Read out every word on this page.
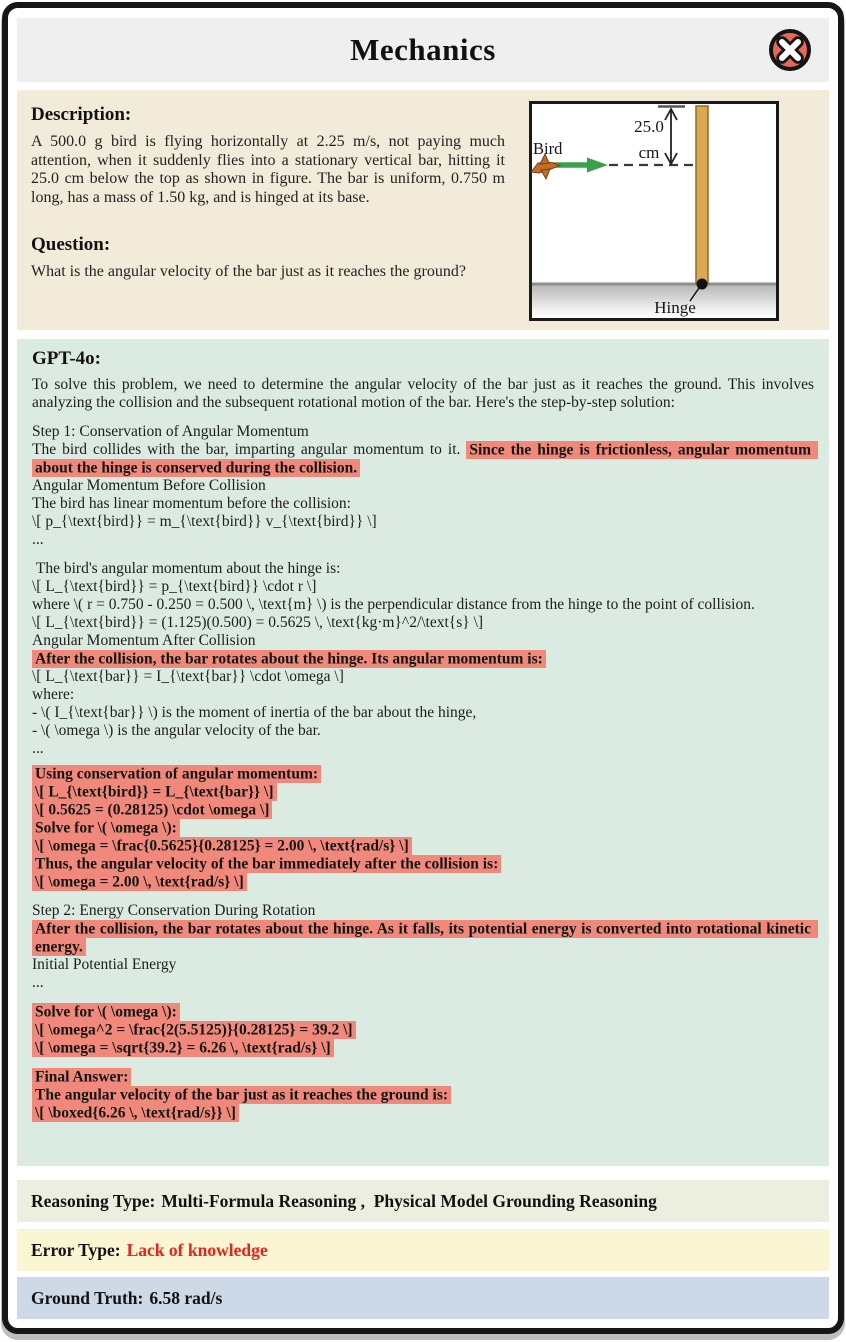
Mechanics
Description:

A 500.0 g bird is flying horizontally at 2.25 m/s, not paying much attention, when it suddenly flies into a stationary vertical bar, hitting it 25.0 cm below the top as shown in figure. The bar is uniform, 0.750 m long, has a mass of 1.50 kg, and is hinged at its base.

Question:

What is the angular velocity of the bar just as it reaches the ground?

25.0
cm
Bird
Hinge
GPT-4o:
To solve this problem, we need to determine the angular velocity of the bar just as it reaches the ground. This involves analyzing the collision and the subsequent rotational motion of the bar. Here's the step-by-step solution:
Step 1: Conservation of Angular Momentum
The bird collides with the bar, imparting angular momentum to it. Since the hinge is frictionless, angular momentum about the hinge is conserved during the collision.
Angular Momentum Before Collision
The bird has linear momentum before the collision:
\[ p_{\text{bird}} = m_{\text{bird}} v_{\text{bird}} \]
...
The bird's angular momentum about the hinge is:
\[ L_{\text{bird}} = p_{\text{bird}} \cdot r \]
where \( r = 0.750 - 0.250 = 0.500 \, \text{m} \) is the perpendicular distance from the hinge to the point of collision.
\[ L_{\text{bird}} = (1.125)(0.500) = 0.5625 \, \text{kg·m}^2/\text{s} \]
Angular Momentum After Collision
After the collision, the bar rotates about the hinge. Its angular momentum is:
\[ L_{\text{bar}} = I_{\text{bar}} \cdot \omega \]
where:
- \( I_{\text{bar}} \) is the moment of inertia of the bar about the hinge,
- \( \omega \) is the angular velocity of the bar.
...
Using conservation of angular momentum:
\[ L_{\text{bird}} = L_{\text{bar}} \]
\[ 0.5625 = (0.28125) \cdot \omega \]
Solve for \( \omega \):
\[ \omega = \frac{0.5625}{0.28125} = 2.00 \, \text{rad/s} \]
Thus, the angular velocity of the bar immediately after the collision is:
\[ \omega = 2.00 \, \text{rad/s} \]
Step 2: Energy Conservation During Rotation
After the collision, the bar rotates about the hinge. As it falls, its potential energy is converted into rotational kinetic energy.
Initial Potential Energy
...
Solve for \( \omega \):
\[ \omega^2 = \frac{2(5.5125)}{0.28125} = 39.2 \]
\[ \omega = \sqrt{39.2} = 6.26 \, \text{rad/s} \]
Final Answer:
The angular velocity of the bar just as it reaches the ground is:
\[ \boxed{6.26 \, \text{rad/s}} \]
Reasoning Type: Multi-Formula Reasoning ,  Physical Model Grounding Reasoning
Error Type: Lack of knowledge
Ground Truth: 6.58 rad/s
